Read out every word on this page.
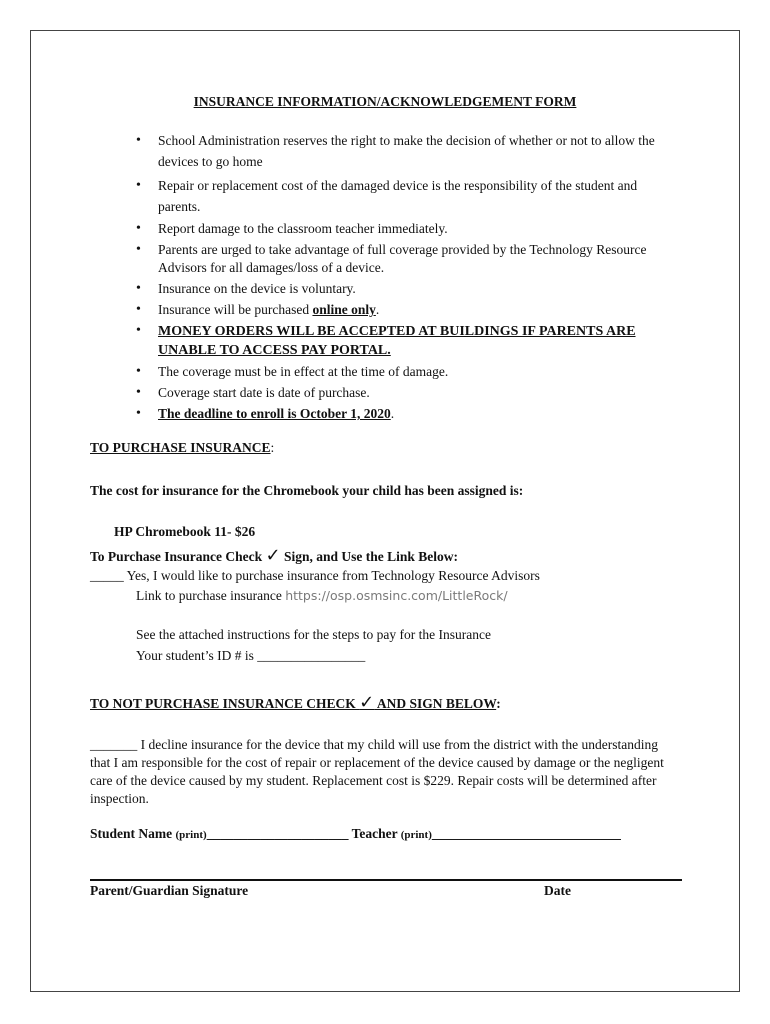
INSURANCE INFORMATION/ACKNOWLEDGEMENT FORM
• School Administration reserves the right to make the decision of whether or not to allow the devices to go home
• Repair or replacement cost of the damaged device is the responsibility of the student and parents.
• Report damage to the classroom teacher immediately.
• Parents are urged to take advantage of full coverage provided by the Technology Resource Advisors for all damages/loss of a device.
• Insurance on the device is voluntary.
• Insurance will be purchased online only.
• MONEY ORDERS WILL BE ACCEPTED AT BUILDINGS IF PARENTS ARE UNABLE TO ACCESS PAY PORTAL.
• The coverage must be in effect at the time of damage.
• Coverage start date is date of purchase.
• The deadline to enroll is October 1, 2020.
TO PURCHASE INSURANCE:
The cost for insurance for the Chromebook your child has been assigned is:
HP Chromebook 11- $26
To Purchase Insurance Check ✓ Sign, and Use the Link Below:
_____ Yes, I would like to purchase insurance from Technology Resource Advisors
Link to purchase insurance https://osp.osmsinc.com/LittleRock/
See the attached instructions for the steps to pay for the Insurance
Your student’s ID # is ________________
TO NOT PURCHASE INSURANCE CHECK ✓ AND SIGN BELOW:
_______ I decline insurance for the device that my child will use from the district with the understanding that I am responsible for the cost of repair or replacement of the device caused by damage or the negligent care of the device caused by my student. Replacement cost is $229. Repair costs will be determined after inspection.
Student Name (print)_____________________ Teacher (print)____________________________
Parent/Guardian Signature	Date
